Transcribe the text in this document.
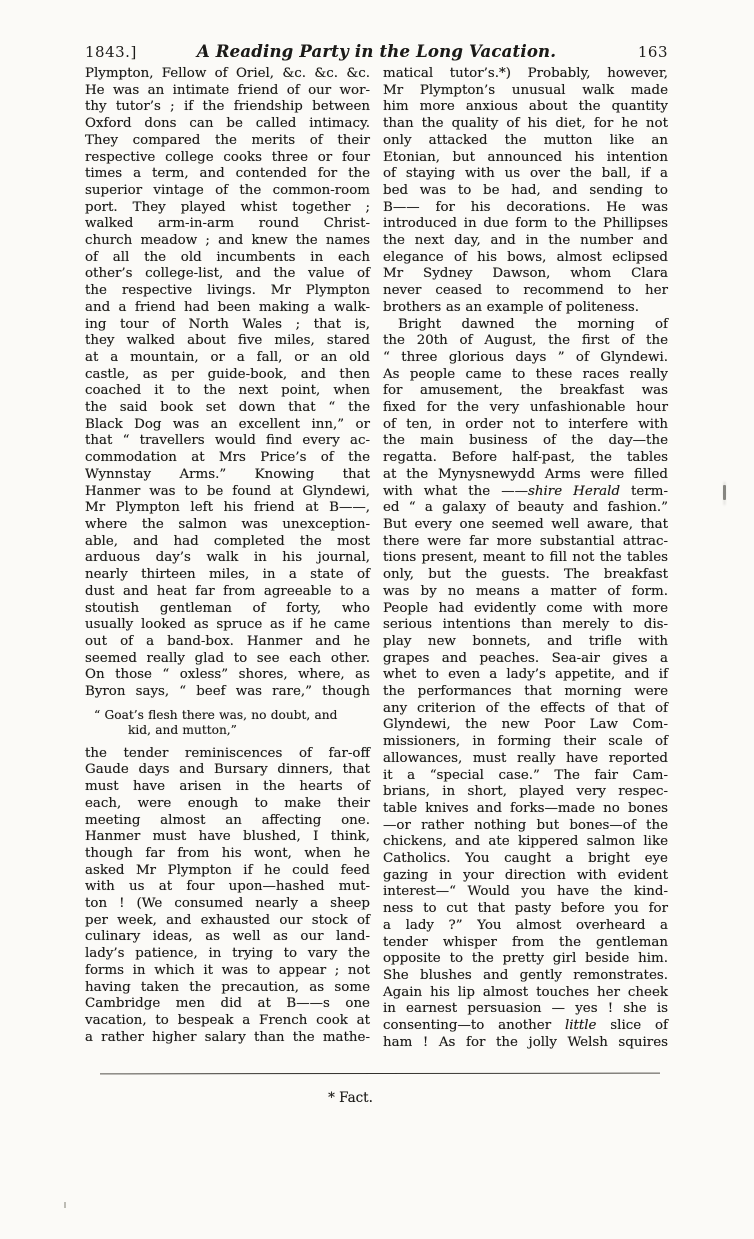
1843.]	A Reading Party in the Long Vacation.	163
Plympton, Fellow of Oriel, &c. &c. &c.
He was an intimate friend of our wor-
thy tutor’s ; if the friendship between
Oxford dons can be called intimacy.
They compared the merits of their
respective college cooks three or four
times a term, and contended for the
superior vintage of the common-room
port. They played whist together ;
walked arm-in-arm round Christ-
church meadow ; and knew the names
of all the old incumbents in each
other’s college-list, and the value of
the respective livings. Mr Plympton
and a friend had been making a walk-
ing tour of North Wales ; that is,
they walked about five miles, stared
at a mountain, or a fall, or an old
castle, as per guide-book, and then
coached it to the next point, when
the said book set down that “ the
Black Dog was an excellent inn,” or
that “ travellers would find every ac-
commodation at Mrs Price’s of the
Wynnstay Arms.” Knowing that
Hanmer was to be found at Glyndewi,
Mr Plympton left his friend at B——,
where the salmon was unexception-
able, and had completed the most
arduous day’s walk in his journal,
nearly thirteen miles, in a state of
dust and heat far from agreeable to a
stoutish gentleman of forty, who
usually looked as spruce as if he came
out of a band-box. Hanmer and he
seemed really glad to see each other.
On those “ oxless” shores, where, as
Byron says, “ beef was rare,” though
“ Goat’s flesh there was, no doubt, and
kid, and mutton,”
the tender reminiscences of far-off
Gaude days and Bursary dinners, that
must have arisen in the hearts of
each, were enough to make their
meeting almost an affecting one.
Hanmer must have blushed, I think,
though far from his wont, when he
asked Mr Plympton if he could feed
with us at four upon—hashed mut-
ton ! (We consumed nearly a sheep
per week, and exhausted our stock of
culinary ideas, as well as our land-
lady’s patience, in trying to vary the
forms in which it was to appear ; not
having taken the precaution, as some
Cambridge men did at B——s one
vacation, to bespeak a French cook at
a rather higher salary than the mathe-
matical tutor’s.*) Probably, however,
Mr Plympton’s unusual walk made
him more anxious about the quantity
than the quality of his diet, for he not
only attacked the mutton like an
Etonian, but announced his intention
of staying with us over the ball, if a
bed was to be had, and sending to
B—— for his decorations. He was
introduced in due form to the Phillipses
the next day, and in the number and
elegance of his bows, almost eclipsed
Mr Sydney Dawson, whom Clara
never ceased to recommend to her
brothers as an example of politeness.
Bright dawned the morning of
the 20th of August, the first of the
“ three glorious days ” of Glyndewi.
As people came to these races really
for amusement, the breakfast was
fixed for the very unfashionable hour
of ten, in order not to interfere with
the main business of the day—the
regatta. Before half-past, the tables
at the Mynysnewydd Arms were filled
with what the ——shire Herald term-
ed “ a galaxy of beauty and fashion.”
But every one seemed well aware, that
there were far more substantial attrac-
tions present, meant to fill not the tables
only, but the guests. The breakfast
was by no means a matter of form.
People had evidently come with more
serious intentions than merely to dis-
play new bonnets, and trifle with
grapes and peaches. Sea-air gives a
whet to even a lady’s appetite, and if
the performances that morning were
any criterion of the effects of that of
Glyndewi, the new Poor Law Com-
missioners, in forming their scale of
allowances, must really have reported
it a “special case.” The fair Cam-
brians, in short, played very respec-
table knives and forks—made no bones
—or rather nothing but bones—of the
chickens, and ate kippered salmon like
Catholics. You caught a bright eye
gazing in your direction with evident
interest—“ Would you have the kind-
ness to cut that pasty before you for
a lady ?” You almost overheard a
tender whisper from the gentleman
opposite to the pretty girl beside him.
She blushes and gently remonstrates.
Again his lip almost touches her cheek
in earnest persuasion — yes ! she is
consenting—to another little slice of
ham ! As for the jolly Welsh squires
* Fact.
